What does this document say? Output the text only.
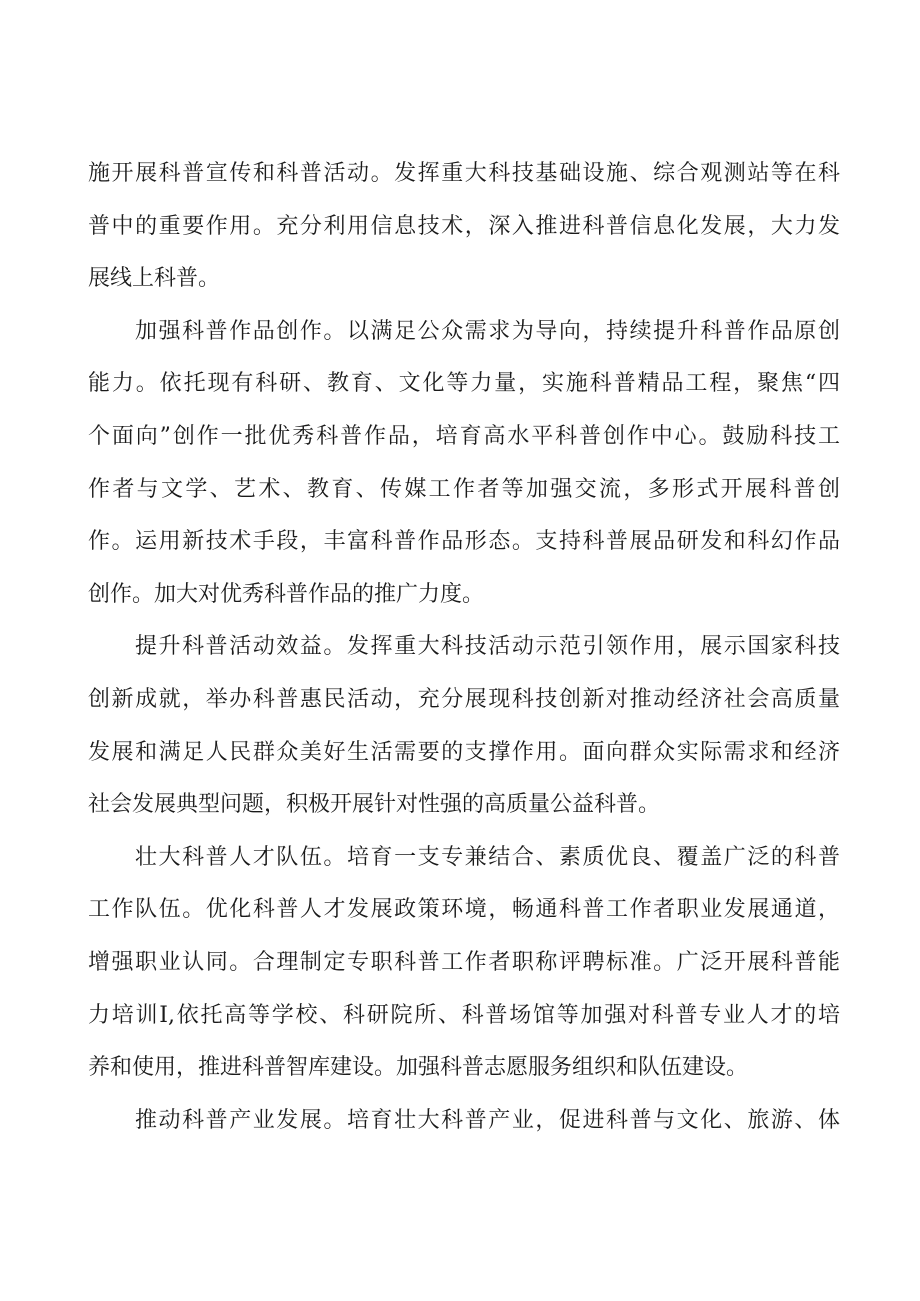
施开展科普宣传和科普活动。发挥重大科技基础设施、综合观测站等在科
普中的重要作用。充分利用信息技术，深入推进科普信息化发展，大力发
展线上科普。
加强科普作品创作。以满足公众需求为导向，持续提升科普作品原创
能力。依托现有科研、教育、文化等力量，实施科普精品工程，聚焦“四
个面向”创作一批优秀科普作品，培育高水平科普创作中心。鼓励科技工
作者与文学、艺术、教育、传媒工作者等加强交流，多形式开展科普创
作。运用新技术手段，丰富科普作品形态。支持科普展品研发和科幻作品
创作。加大对优秀科普作品的推广力度。
提升科普活动效益。发挥重大科技活动示范引领作用，展示国家科技
创新成就，举办科普惠民活动，充分展现科技创新对推动经济社会高质量
发展和满足人民群众美好生活需要的支撑作用。面向群众实际需求和经济
社会发展典型问题，积极开展针对性强的高质量公益科普。
壮大科普人才队伍。培育一支专兼结合、素质优良、覆盖广泛的科普
工作队伍。优化科普人才发展政策环境，畅通科普工作者职业发展通道，
增强职业认同。合理制定专职科普工作者职称评聘标准。广泛开展科普能
力培训I,依托高等学校、科研院所、科普场馆等加强对科普专业人才的培
养和使用，推进科普智库建设。加强科普志愿服务组织和队伍建设。
推动科普产业发展。培育壮大科普产业，促进科普与文化、旅游、体
